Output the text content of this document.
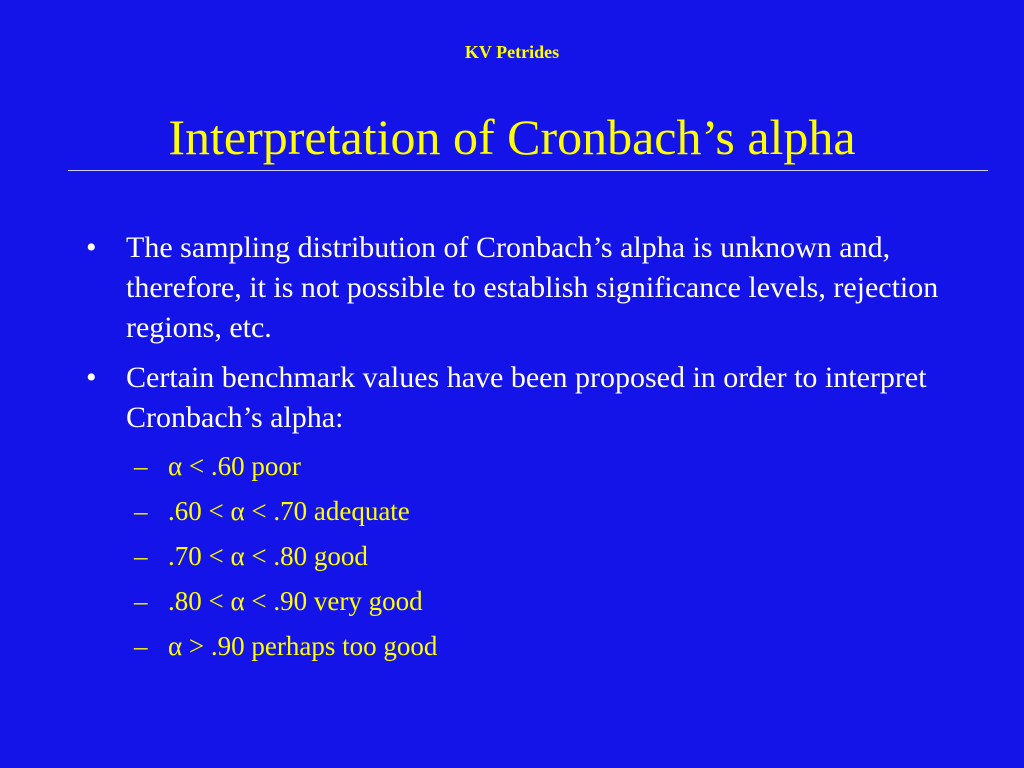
KV Petrides
Interpretation of Cronbach’s alpha
• The sampling distribution of Cronbach’s alpha is unknown and, therefore, it is not possible to establish significance levels, rejection regions, etc.
• Certain benchmark values have been proposed in order to interpret Cronbach’s alpha:
– α < .60 poor
– .60 < α < .70 adequate
– .70 < α < .80 good
– .80 < α < .90 very good
– α > .90 perhaps too good
